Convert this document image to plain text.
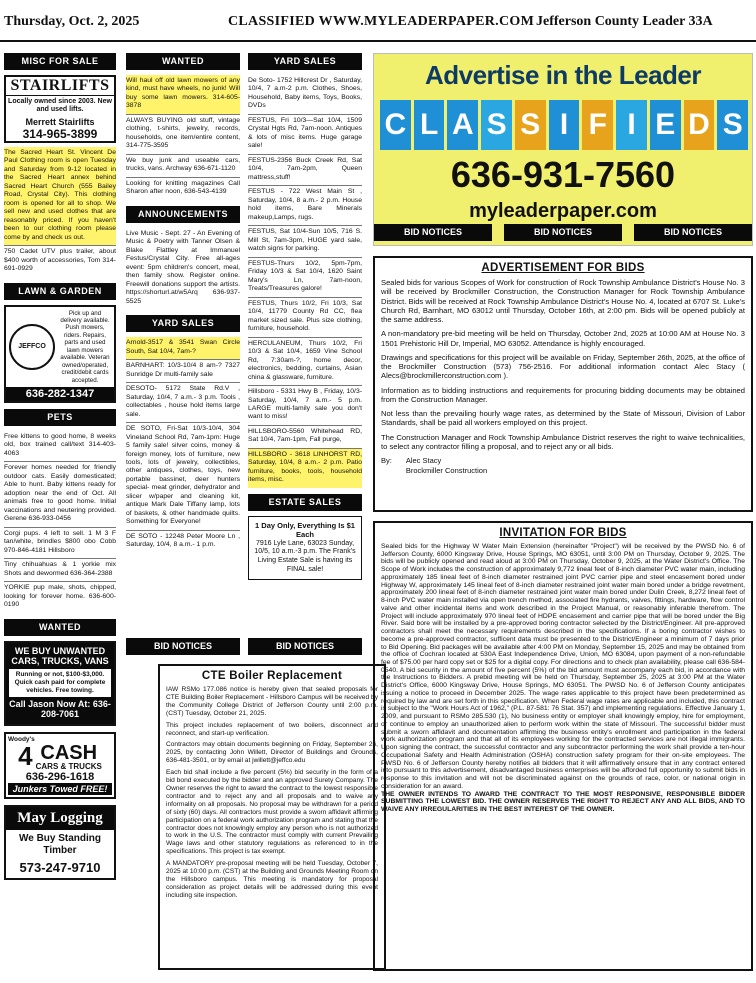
Thursday, Oct. 2, 2025	CLASSIFIED WWW.MYLEADERPAPER.COM Jefferson County Leader 33A
MISC FOR SALE
STAIRLIFTS
Locally owned since 2003. New and used lifts.
Merrett Stairlifts
314-965-3899
The Sacred Heart St. Vincent De Paul Clothing room is open Tuesday and Saturday from 9-12 located in the Sacred Heart annex behind Sacred Heart Church (555 Bailey Road, Crystal City). This clothing room is opened for all to shop. We sell new and used clothes that are reasonably priced. If you haven't been to our clothing room please come by and check us out.
750 Cadet UTV plus trailer, about $400 worth of accessories, Tom 314-691-0929
LAWN & GARDEN
JEFFCO
Pick up and delivery available. Push mowers, riders. Repairs, parts and used lawn mowers available. Veteran owned/operated, credit/debit cards accepted.
636-282-1347
PETS
Free kittens to good home, 8 weeks old, box trained call/text 314-403-4063
Forever homes needed for friendly outdoor cats. Easily domesticated; Able to hunt. Baby kittens ready for adoption near the end of Oct. All animals free to good home. Initial vaccinations and neutering provided. Gerene 636-933-0456
Corgi pups. 4 left to sell. 1 M 3 F tan/white, brindles $800 obo Cobb 970-846-4181 Hillsboro
Tiny chihuahuas & 1 yorkie mix Shots and dewormed 636-364-2388
YORKIE pup male, shots, chipped, looking for forever home. 636-600-0190
WANTED
WE BUY UNWANTED CARS, TRUCKS, VANS
Running or not, $100-$3,000. Quick cash paid for complete vehicles. Free towing.
Call Jason Now At: 636-208-7061
Woody's
4 CASH
CARS & TRUCKS
636-296-1618
Junkers Towed FREE!
May Logging
We Buy Standing Timber
573-247-9710
WANTED
Will haul off old lawn mowers of any kind, must have wheels, no junk! Will buy some lawn mowers. 314-605-3878
ALWAYS BUYING old stuff, vintage clothing, t-shirts, jewelry, records, households, one item/entire content, 314-775-3595
We buy junk and useable cars, trucks, vans. Archway 636-671-1120
Looking for knitting magazines Call Sharon after noon, 636-543-4139
ANNOUNCEMENTS
Live Music - Sept. 27 - An Evening of Music & Poetry with Tanner Olsen & Blake Flattley at Immanuel Festus/Crystal City. Free all-ages event: 5pm children's concert, meal, then family show. Register online. Freewill donations support the artists. https://shorturl.at/w5Arq 636-937-5525
YARD SALES
Arnold-3517 & 3541 Swan Circle South, Sat 10/4, 7am-?
BARNHART: 10/3-10/4 8 am-? 7327 Sunridge Dr multi-family sale
DESOTO- 5172 State Rd.V , Saturday, 10/4, 7 a.m.- 3 p.m. Tools , collectables , house hold items large sale.
DE SOTO, Fri-Sat 10/3-10/4, 304 Vineland School Rd, 7am-1pm: Huge 5 family sale! silver coins, money & foreign money, lots of furniture, new tools, lots of jewelry, collectibles, other antiques, clothes, toys, new portable bassinet, deer hunters special- meat grinder, dehydrator and slicer w/paper and cleaning kit, antique Mark Dale Tiffany lamp, lots of baskets, & other handmade quilts. Something for Everyone!
DE SOTO - 12248 Peter Moore Ln , Saturday, 10/4, 8 a.m.- 1 p.m.
YARD SALES
De Soto- 1752 Hillcrest Dr , Saturday, 10/4, 7 a.m-2 p.m. Clothes, Shoes, Household, Baby items, Toys, Books, DVDs
FESTUS, Fri 10/3—Sat 10/4, 1509 Crystal Hgts Rd, 7am-noon. Antiques & lots of misc items. Huge garage sale!
FESTUS-2356 Buck Creek Rd, Sat 10/4, 7am-2pm, Queen mattress,stuff!
FESTUS - 722 West Main St , Saturday, 10/4, 8 a.m.- 2 p.m. House hold items, Bare Minerals makeup,Lamps, rugs.
FESTUS, Sat 10/4-Sun 10/5, 716 S. Mill St, 7am-3pm, HUGE yard sale, watch signs for parking.
FESTUS-Thurs 10/2, 5pm-7pm, Friday 10/3 & Sat 10/4, 1620 Saint Mary's Ln, 7am-noon, Treats/Treasures galore!
FESTUS, Thurs 10/2, Fri 10/3, Sat 10/4, 11779 County Rd CC, flea market sized sale. Plus size clothing, furniture, household.
HERCULANEUM, Thurs 10/2, Fri 10/3 & Sat 10/4, 1659 Vine School Rd, 7:30am-?, home decor, electronics, bedding, curtains, Asian china & glassware, furniture.
Hillsboro - 5331 Hwy B , Friday, 10/3-Saturday, 10/4, 7 a.m.- 5 p.m. LARGE multi-family sale you don't want to miss!
HILLSBORO-5560 Whitehead RD, Sat 10/4, 7am-1pm, Fall purge,
HILLSBORO - 3618 LINHORST RD, Saturday, 10/4, 8 a.m.- 2 p.m. Patio furniture, books, tools, household items, misc.
ESTATE SALES
1 Day Only, Everything Is $1 Each
7916 Lyle Lane, 63023 Sunday, 10/5, 10 a.m.-3 p.m. The Frank's Living Estate Sale is having its FINAL sale!
BID NOTICES	BID NOTICES
CTE Boiler Replacement

IAW RSMo 177.086 notice is hereby given that sealed proposals for CTE Building Boiler Replacement - Hillsboro Campus will be received by the Community College District of Jefferson County until 2:00 p.m. (CST) Tuesday, October 21, 2025.

This project includes replacement of two boilers, disconnect and reconnect, and start-up verification.

Contractors may obtain documents beginning on Friday, September 26, 2025, by contacting John Willett, Director of Buildings and Grounds, 636-481-3501, or by email at jwillett@jeffco.edu

Each bid shall include a five percent (5%) bid security in the form of a bid bond executed by the bidder and an approved Surety Company. The Owner reserves the right to award the contract to the lowest responsible contractor and to reject any and all proposals and to waive any informality on all proposals. No proposal may be withdrawn for a period of sixty (60) days. All contractors must provide a sworn affidavit affirming participation on a federal work authorization program and stating that the contractor does not knowingly employ any person who is not authorized to work in the U.S. The contractor must comply with current Prevailing Wage laws and other statutory regulations as referenced to in the specifications. This project is tax exempt.

A MANDATORY pre-proposal meeting will be held Tuesday, October 7, 2025 at 10:00 p.m. (CST) at the Building and Grounds Meeting Room on the Hillsboro campus. This meeting is mandatory for proposal consideration as project details will be addressed during this event including site inspection.

Advertise in the Leader
C L A S S I F I E D S
636-931-7560
myleaderpaper.com
BID NOTICES	BID NOTICES	BID NOTICES
ADVERTISEMENT FOR BIDS

Sealed bids for various Scopes of Work for construction of Rock Township Ambulance District's House No. 3 will be received by Brockmiller Construction, the Construction Manager for Rock Township Ambulance District. Bids will be received at Rock Township Ambulance District's House No. 4, located at 6707 St. Luke's Church Rd, Barnhart, MO 63012 until Thursday, October 16th, at 2:00 pm. Bids will be opened publicly at the same address.

A non-mandatory pre-bid meeting will be held on Thursday, October 2nd, 2025 at 10:00 AM at House No. 3 1501 Prehistoric Hill Dr, Imperial, MO 63052. Attendance is highly encouraged.

Drawings and specifications for this project will be available on Friday, September 26th, 2025, at the office of the Brockmiller Construction (573) 756-2516. For additional information contact Alec Stacy ( Alecs@brockmillerconstruction.com ).

Information as to bidding instructions and requirements for procuring bidding documents may be obtained from the Construction Manager.

Not less than the prevailing hourly wage rates, as determined by the State of Missouri, Division of Labor Standards, shall be paid all workers employed on this project.

The Construction Manager and Rock Township Ambulance District reserves the right to waive technicalities, to select any contractor filling a proposal, and to reject any or all bids.

By: Alec Stacy
Brockmiller Construction
INVITATION FOR BIDS

Sealed bids for the Highway W Water Main Extension (hereinafter "Project") will be received by the PWSD No. 6 of Jefferson County, 6000 Kingsway Drive, House Springs, MO 63051, until 3:00 PM on Thursday, October 9, 2025. The bids will be publicly opened and read aloud at 3:00 PM on Thursday, October 9, 2025, at the Water District's Office. The Scope of Work includes the construction of approximately 9,772 lineal feet of 8-inch diameter PVC water main, including approximately 185 lineal feet of 8-inch diameter restrained joint PVC carrier pipe and steel encasement bored under Highway W, approximately 145 lineal feet of 8-inch diameter restrained joint water main bored under a bridge revetment, approximately 200 lineal feet of 8-inch diameter restrained joint water main bored under Dulin Creek, 8,272 lineal feet of 8-inch PVC water main installed via open trench method, associated fire hydrants, valves, fittings, hardware, flow control valve and other incidental items and work described in the Project Manual, or reasonably inferable therefrom. The Project will include approximately 970 lineal feet of HDPE encasement and carrier pipe that will be bored under the Big River. Said bore will be installed by a pre-approved boring contractor selected by the District/Engineer. All pre-approved contractors shall meet the necessary requirements described in the specifications. If a boring contractor wishes to become a pre-approved contractor, sufficent data must be presented to the District/Engineer a minimum of 7 days prior to Bid Opening. Bid packages will be available after 4:00 PM on Monday, September 15, 2025 and may be obtained from the office of Cochran located at 530A East Independence Drive, Union, MO 63084, upon payment of a non-refundable fee of $75.00 per hard copy set or $25 for a digital copy. For directions and to check plan availability, please call 636-584-0540. A bid security in the amount of five percent (5%) of the bid amount must accompany each bid, in accordance with the Instructions to Bidders. A prebid meeting will be held on Thursday, September 25, 2025 at 3:00 PM at the Water District's Office, 6000 Kingsway Drive, House Springs, MO 63051. The PWSD No. 6 of Jefferson County anticipates issuing a notice to proceed in December 2025. The wage rates applicable to this project have been predetermined as required by law and are set forth in this specification. When Federal wage rates are applicable and included, this contract is subject to the "Work Hours Act of 1962," (P.L. 87-581: 76 Stat. 357) and implementing regulations. Effective January 1, 2009, and pursuant to RSMo 285.530 (1), No business entity or employer shall knowingly employ, hire for employment, or continue to employ an unauthorized alien to perform work within the state of Missouri. The successful bidder must submit a sworn affidavit and documentation affirming the business entity's enrollment and participation in the federal work authorization program and that all of its employees working for the contracted services are not illegal immigrants. Upon signing the contract, the successful contractor and any subcontractor performing the work shall provide a ten-hour Occupational Safety and Health Administration (OSHA) construction safety program for their on-site employees. The PWSD No. 6 of Jefferson County hereby notifies all bidders that it will affirmatively ensure that in any contract entered into pursuant to this advertisement, disadvantaged business enterprises will be afforded full opportunity to submit bids in response to this invitation and will not be discriminated against on the grounds of race, color, or national origin in consideration for an award.

THE OWNER INTENDS TO AWARD THE CONTRACT TO THE MOST RESPONSIVE, RESPONSIBLE BIDDER SUBMITTING THE LOWEST BID. THE OWNER RESERVES THE RIGHT TO REJECT ANY AND ALL BIDS, AND TO WAIVE ANY IRREGULARITIES IN THE BEST INTEREST OF THE OWNER.
